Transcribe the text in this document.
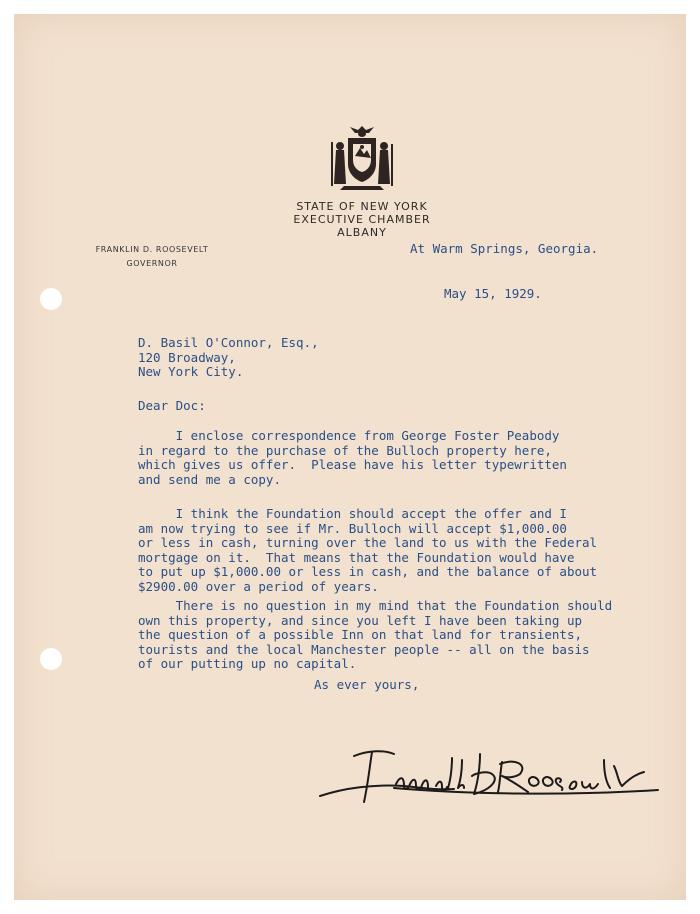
STATE OF NEW YORK
EXECUTIVE CHAMBER
ALBANY
FRANKLIN D. ROOSEVELT
GOVERNOR
At Warm Springs, Georgia.
May 15, 1929.
D. Basil O'Connor, Esq.,
120 Broadway,
New York City.
Dear Doc:
I enclose correspondence from George Foster Peabody
in regard to the purchase of the Bulloch property here,
which gives us offer.  Please have his letter typewritten
and send me a copy.
I think the Foundation should accept the offer and I
am now trying to see if Mr. Bulloch will accept $1,000.00
or less in cash, turning over the land to us with the Federal
mortgage on it.  That means that the Foundation would have
to put up $1,000.00 or less in cash, and the balance of about
$2900.00 over a period of years.
There is no question in my mind that the Foundation should
own this property, and since you left I have been taking up
the question of a possible Inn on that land for transients,
tourists and the local Manchester people -- all on the basis
of our putting up no capital.
As ever yours,
